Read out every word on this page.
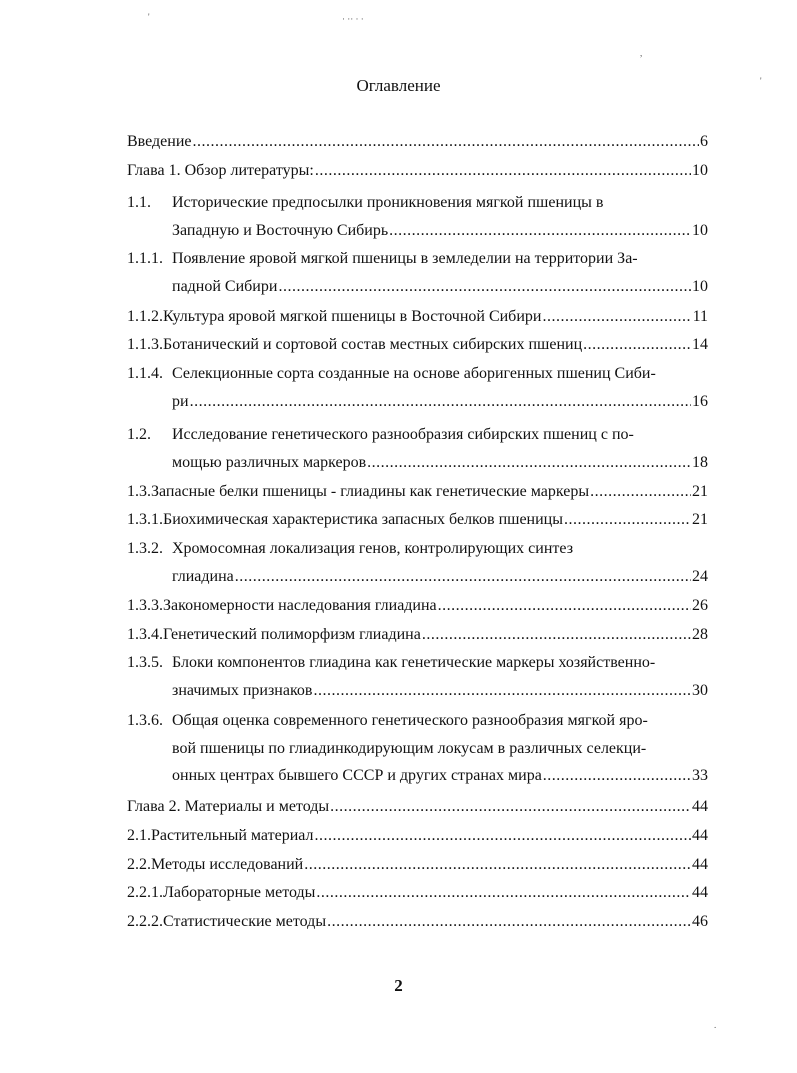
Оглавление
Введение .....	6
Глава 1. Обзор литературы: .....	10
1.1.	Исторические предпосылки проникновения мягкой пшеницы в
Западную и Восточную Сибирь .....	10
1.1.1. Появление яровой мягкой пшеницы в земледелии на территории За-
падной Сибири .....	10
1.1.2. Культура яровой мягкой пшеницы в Восточной Сибири .....	11
1.1.3. Ботанический и сортовой состав местных сибирских пшениц .....	14
1.1.4. Селекционные сорта созданные на основе аборигенных пшениц Сиби-
ри .....	16
1.2.	Исследование генетического разнообразия сибирских пшениц с по-
мощью различных маркеров .....	18
1.3. Запасные белки пшеницы - глиадины как генетические маркеры .....	21
1.3.1. Биохимическая характеристика запасных белков пшеницы .....	21
1.3.2. Хромосомная локализация генов, контролирующих синтез
глиадина .....	24
1.3.3. Закономерности наследования глиадина .....	26
1.3.4. Генетический полиморфизм глиадина .....	28
1.3.5. Блоки компонентов глиадина как генетические маркеры хозяйственно-
значимых признаков .....	30
1.3.6. Общая оценка современного генетического разнообразия мягкой яро-
вой пшеницы по глиадинкодирующим локусам в различных селекци-
онных центрах бывшего СССР и других странах мира .....	33
Глава 2. Материалы и методы .....	44
2.1. Растительный материал .....	44
2.2. Методы исследований .....	44
2.2.1. Лабораторные методы .....	44
2.2.2. Статистические методы .....	46
2
'	· ·· · ·
,
'
.
